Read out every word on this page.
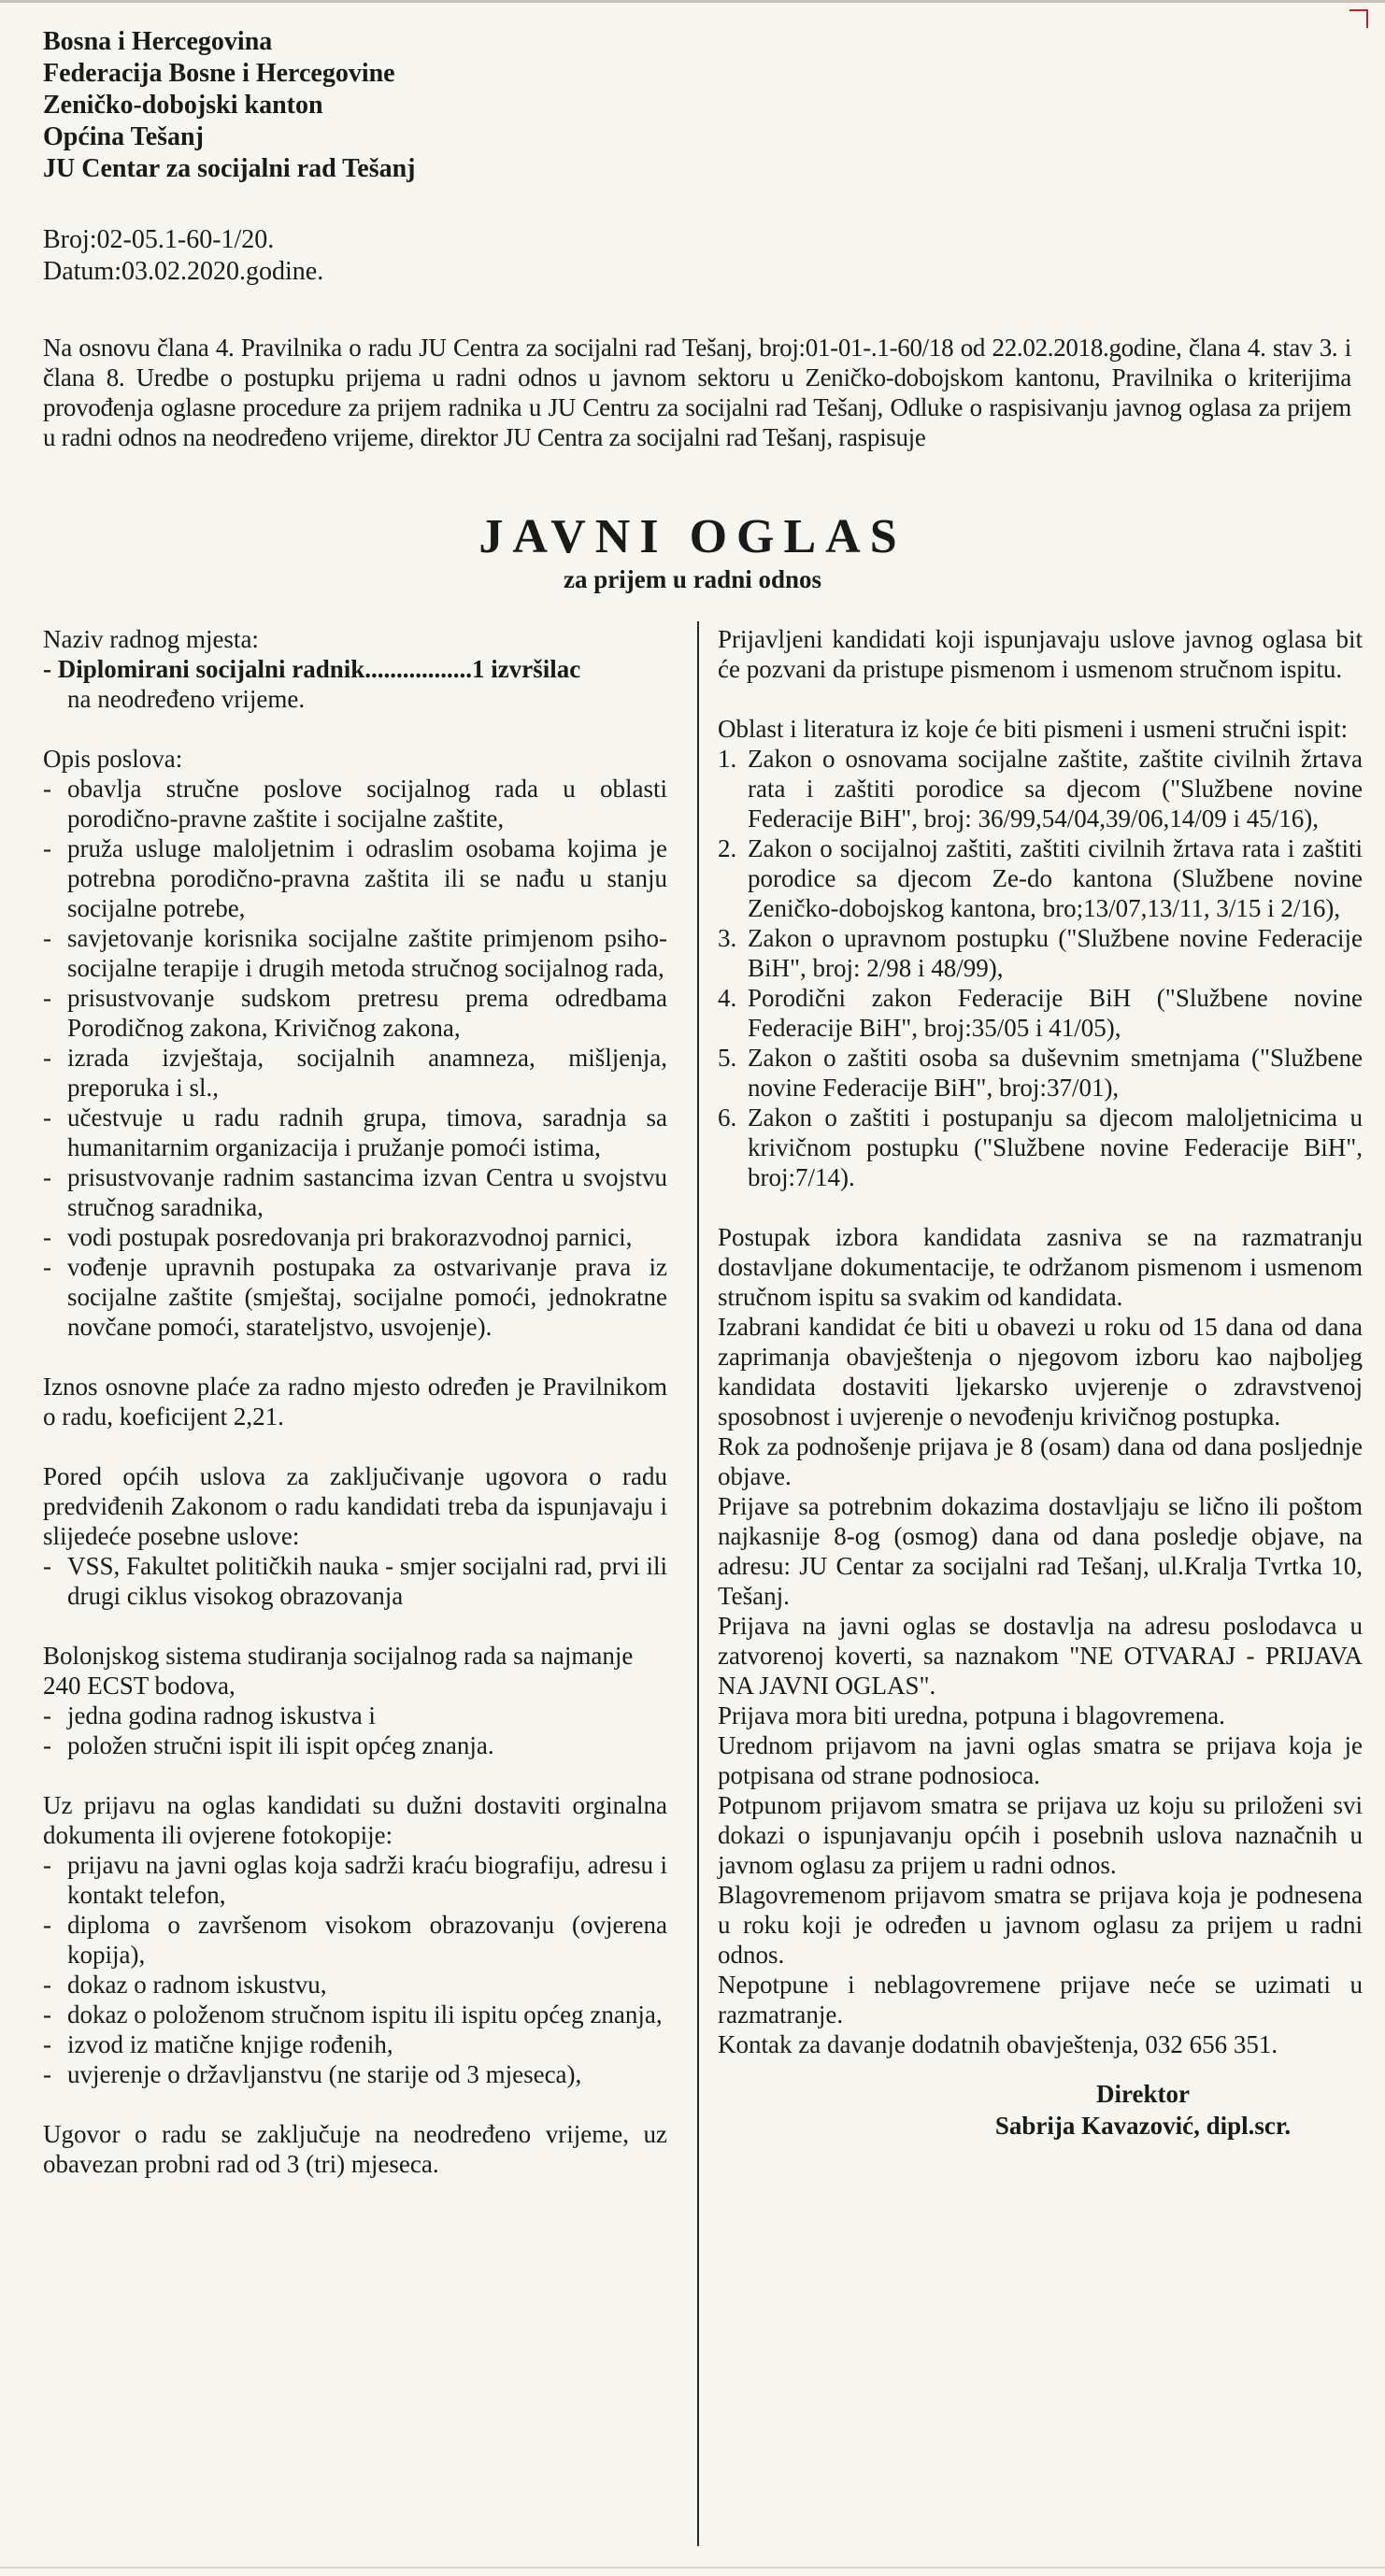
Bosna i Hercegovina
Federacija Bosne i Hercegovine
Zeničko-dobojski kanton
Općina Tešanj
JU Centar za socijalni rad Tešanj
Broj:02-05.1-60-1/20.
Datum:03.02.2020.godine.
Na osnovu člana 4. Pravilnika o radu JU Centra za socijalni rad Tešanj, broj:01-01-.1-60/18 od 22.02.2018.godine, člana 4. stav 3. i člana 8. Uredbe o postupku prijema u radni odnos u javnom sektoru u Zeničko-dobojskom kantonu, Pravilnika o kriterijima provođenja oglasne procedure za prijem radnika u JU Centru za socijalni rad Tešanj, Odluke o raspisivanju javnog oglasa za prijem u radni odnos na neodređeno vrijeme, direktor JU Centra za socijalni rad Tešanj, raspisuje
JAVNI OGLAS
za prijem u radni odnos
Naziv radnog mjesta:
- Diplomirani socijalni radnik.................1 izvršilac
na neodređeno vrijeme.
Opis poslova:
- obavlja stručne poslove socijalnog rada u oblasti porodično-pravne zaštite i socijalne zaštite,
- pruža usluge maloljetnim i odraslim osobama kojima je potrebna porodično-pravna zaštita ili se nađu u stanju socijalne potrebe,
- savjetovanje korisnika socijalne zaštite primjenom psiho-socijalne terapije i drugih metoda stručnog socijalnog rada,
- prisustvovanje sudskom pretresu prema odredbama Porodičnog zakona, Krivičnog zakona,
- izrada izvještaja, socijalnih anamneza, mišljenja, preporuka i sl.,
- učestvuje u radu radnih grupa, timova, saradnja sa humanitarnim organizacija i pružanje pomoći istima,
- prisustvovanje radnim sastancima izvan Centra u svojstvu stručnog saradnika,
- vodi postupak posredovanja pri brakorazvodnoj parnici,
- vođenje upravnih postupaka za ostvarivanje prava iz socijalne zaštite (smještaj, socijalne pomoći, jednokratne novčane pomoći, starateljstvo, usvojenje).
Iznos osnovne plaće za radno mjesto određen je Pravilnikom o radu, koeficijent 2,21.
Pored općih uslova za zaključivanje ugovora o radu predviđenih Zakonom o radu kandidati treba da ispunjavaju i slijedeće posebne uslove:
- VSS, Fakultet političkih nauka - smjer socijalni rad, prvi ili drugi ciklus visokog obrazovanja
Bolonjskog sistema studiranja socijalnog rada sa najmanje 240 ECST bodova,
- jedna godina radnog iskustva i
- položen stručni ispit ili ispit općeg znanja.
Uz prijavu na oglas kandidati su dužni dostaviti orginalna dokumenta ili ovjerene fotokopije:
- prijavu na javni oglas koja sadrži kraću biografiju, adresu i kontakt telefon,
- diploma o završenom visokom obrazovanju (ovjerena kopija),
- dokaz o radnom iskustvu,
- dokaz o položenom stručnom ispitu ili ispitu općeg znanja,
- izvod iz matične knjige rođenih,
- uvjerenje o državljanstvu (ne starije od 3 mjeseca),
Ugovor o radu se zaključuje na neodređeno vrijeme, uz obavezan probni rad od 3 (tri) mjeseca.
Prijavljeni kandidati koji ispunjavaju uslove javnog oglasa bit će pozvani da pristupe pismenom i usmenom stručnom ispitu.
Oblast i literatura iz koje će biti pismeni i usmeni stručni ispit:
1. Zakon o osnovama socijalne zaštite, zaštite civilnih žrtava rata i zaštiti porodice sa djecom ("Službene novine Federacije BiH", broj: 36/99,54/04,39/06,14/09 i 45/16),
2. Zakon o socijalnoj zaštiti, zaštiti civilnih žrtava rata i zaštiti porodice sa djecom Ze-do kantona (Službene novine Zeničko-dobojskog kantona, bro;13/07,13/11, 3/15 i 2/16),
3. Zakon o upravnom postupku ("Službene novine Federacije BiH", broj: 2/98 i 48/99),
4. Porodični zakon Federacije BiH ("Službene novine Federacije BiH", broj:35/05 i 41/05),
5. Zakon o zaštiti osoba sa duševnim smetnjama ("Službene novine Federacije BiH", broj:37/01),
6. Zakon o zaštiti i postupanju sa djecom maloljetnicima u krivičnom postupku ("Službene novine Federacije BiH", broj:7/14).
Postupak izbora kandidata zasniva se na razmatranju dostavljane dokumentacije, te održanom pismenom i usmenom stručnom ispitu sa svakim od kandidata.
Izabrani kandidat će biti u obavezi u roku od 15 dana od dana zaprimanja obavještenja o njegovom izboru kao najboljeg kandidata dostaviti ljekarsko uvjerenje o zdravstvenoj sposobnost i uvjerenje o nevođenju krivičnog postupka.
Rok za podnošenje prijava je 8 (osam) dana od dana posljednje objave.
Prijave sa potrebnim dokazima dostavljaju se lično ili poštom najkasnije 8-og (osmog) dana od dana posledje objave, na adresu: JU Centar za socijalni rad Tešanj, ul.Kralja Tvrtka 10, Tešanj.
Prijava na javni oglas se dostavlja na adresu poslodavca u zatvorenoj koverti, sa naznakom "NE OTVARAJ - PRIJAVA NA JAVNI OGLAS".
Prijava mora biti uredna, potpuna i blagovremena.
Urednom prijavom na javni oglas smatra se prijava koja je potpisana od strane podnosioca.
Potpunom prijavom smatra se prijava uz koju su priloženi svi dokazi o ispunjavanju općih i posebnih uslova naznačnih u javnom oglasu za prijem u radni odnos.
Blagovremenom prijavom smatra se prijava koja je podnesena u roku koji je određen u javnom oglasu za prijem u radni odnos.
Nepotpune i neblagovremene prijave neće se uzimati u razmatranje.
Kontak za davanje dodatnih obavještenja, 032 656 351.
Direktor
Sabrija Kavazović, dipl.scr.
